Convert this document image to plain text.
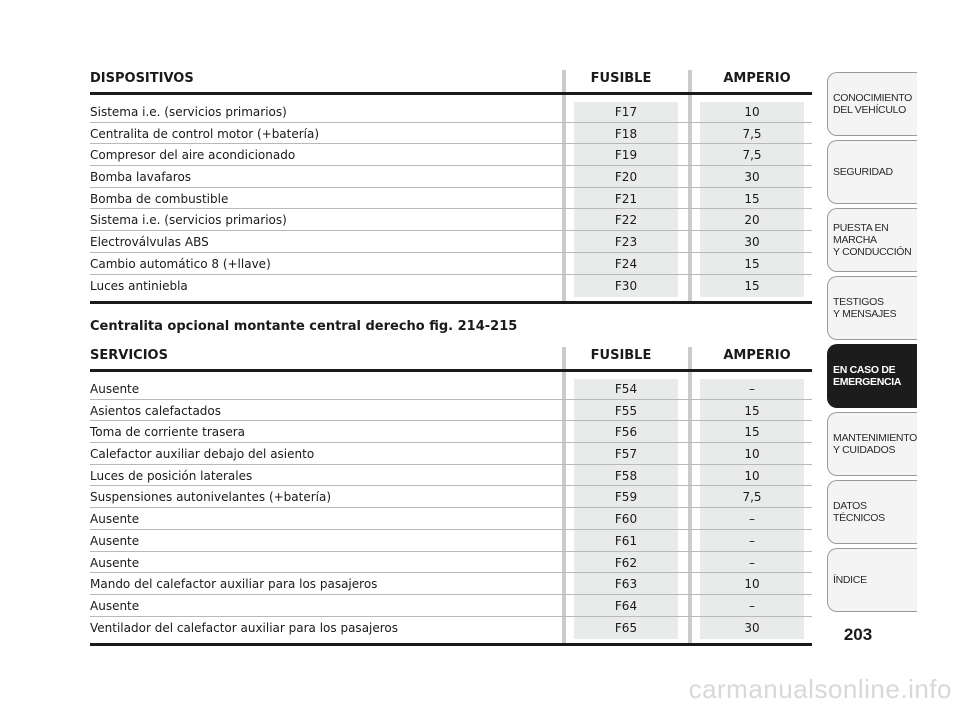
DISPOSITIVOS	FUSIBLE	AMPERIO
Sistema i.e. (servicios primarios)	F17	10
Centralita de control motor (+batería)	F18	7,5
Compresor del aire acondicionado	F19	7,5
Bomba lavafaros	F20	30
Bomba de combustible	F21	15
Sistema i.e. (servicios primarios)	F22	20
Electroválvulas ABS	F23	30
Cambio automático 8 (+llave)	F24	15
Luces antiniebla	F30	15
Centralita opcional montante central derecho fig. 214-215
SERVICIOS	FUSIBLE	AMPERIO
Ausente	F54	–
Asientos calefactados	F55	15
Toma de corriente trasera	F56	15
Calefactor auxiliar debajo del asiento	F57	10
Luces de posición laterales	F58	10
Suspensiones autonivelantes (+batería)	F59	7,5
Ausente	F60	–
Ausente	F61	–
Ausente	F62	–
Mando del calefactor auxiliar para los pasajeros	F63	10
Ausente	F64	–
Ventilador del calefactor auxiliar para los pasajeros	F65	30
CONOCIMIENTO
DEL VEHÍCULO
SEGURIDAD
PUESTA EN
MARCHA
Y CONDUCCIÓN
TESTIGOS
Y MENSAJES
EN CASO DE
EMERGENCIA
MANTENIMIENTO
Y CUIDADOS
DATOS
TÉCNICOS
ÍNDICE
203
carmanualsonline.info
